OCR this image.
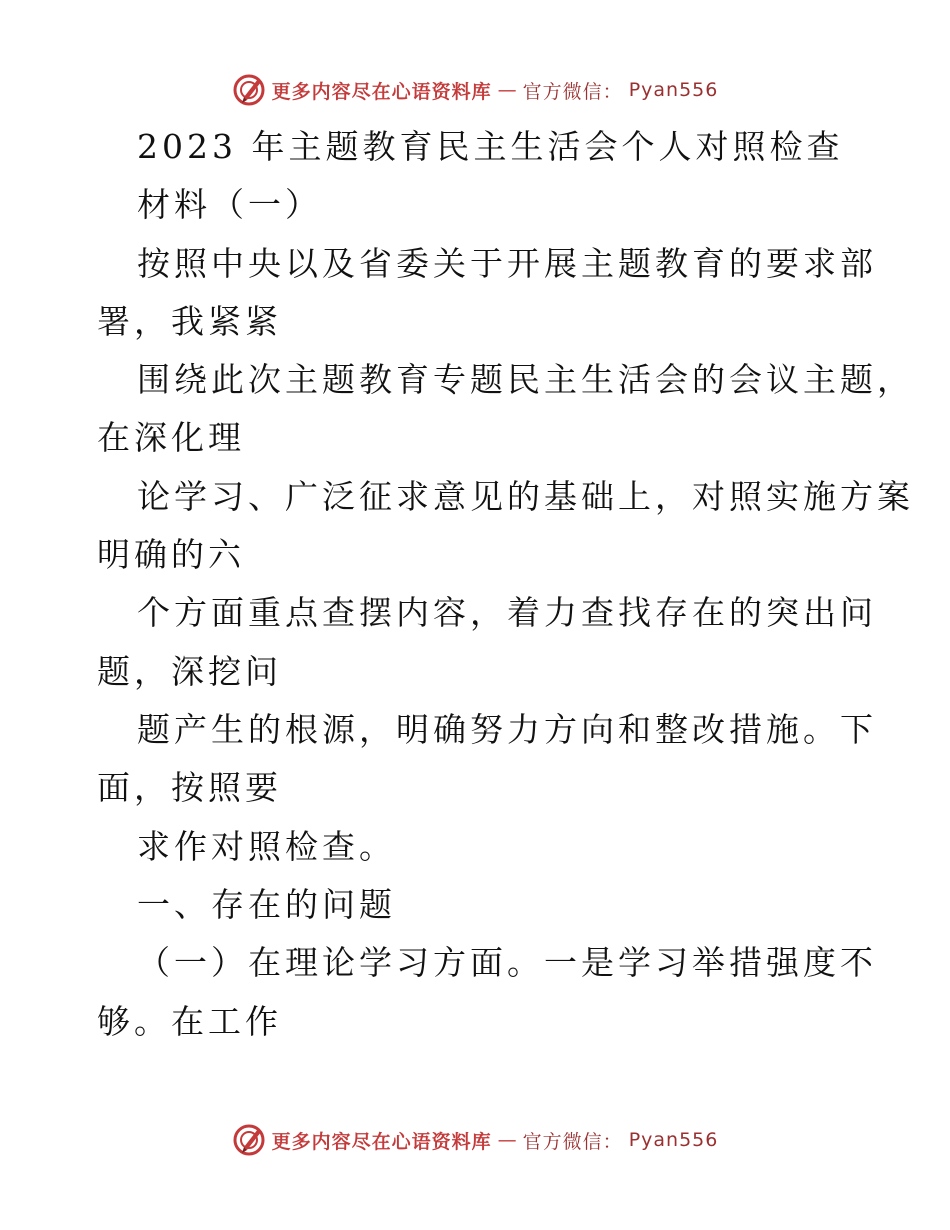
更多内容尽在心语资料库 — 官方微信： Pyan556
2023 年主题教育民主生活会个人对照检查
材料（一）
按照中央以及省委关于开展主题教育的要求部
署，我紧紧
围绕此次主题教育专题民主生活会的会议主题，
在深化理
论学习、广泛征求意见的基础上，对照实施方案
明确的六
个方面重点查摆内容，着力查找存在的突出问
题，深挖问
题产生的根源，明确努力方向和整改措施。下
面，按照要
求作对照检查。
一、存在的问题
（一）在理论学习方面。一是学习举措强度不
够。在工作
更多内容尽在心语资料库 — 官方微信： Pyan556
